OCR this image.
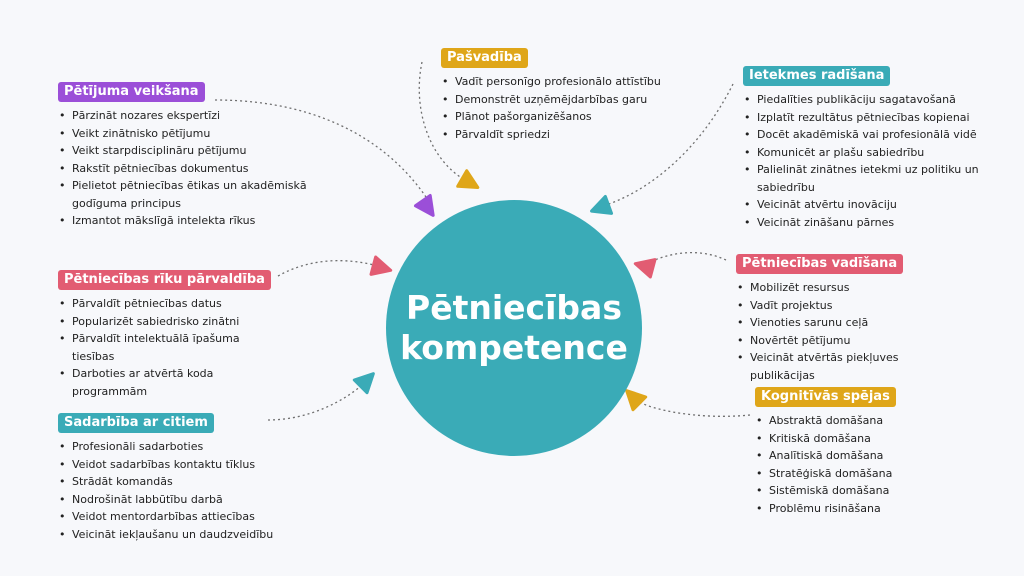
Pētniecības
kompetence
Pētījuma veikšana
• Pārzināt nozares ekspertīzi
• Veikt zinātnisko pētījumu
• Veikt starpdisciplināru pētījumu
• Rakstīt pētniecības dokumentus
• Pielietot pētniecības ētikas un akadēmiskā godīguma principus
• Izmantot mākslīgā intelekta rīkus
Pašvadība
• Vadīt personīgo profesionālo attīstību
• Demonstrēt uzņēmējdarbības garu
• Plānot pašorganizēšanos
• Pārvaldīt spriedzi
Ietekmes radīšana
• Piedalīties publikāciju sagatavošanā
• Izplatīt rezultātus pētniecības kopienai
• Docēt akadēmiskā vai profesionālā vidē
• Komunicēt ar plašu sabiedrību
• Palielināt zinātnes ietekmi uz politiku un sabiedrību
• Veicināt atvērtu inovāciju
• Veicināt zināšanu pārnes
Pētniecības rīku pārvaldība
• Pārvaldīt pētniecības datus
• Popularizēt sabiedrisko zinātni
• Pārvaldīt intelektuālā īpašuma tiesības
• Darboties ar atvērtā koda programmām
Pētniecības vadīšana
• Mobilizēt resursus
• Vadīt projektus
• Vienoties sarunu ceļā
• Novērtēt pētījumu
• Veicināt atvērtās piekļuves publikācijas
Sadarbība ar citiem
• Profesionāli sadarboties
• Veidot sadarbības kontaktu tīklus
• Strādāt komandās
• Nodrošināt labbūtību darbā
• Veidot mentordarbības attiecības
• Veicināt iekļaušanu un daudzveidību
Kognitīvās spējas
• Abstraktā domāšana
• Kritiskā domāšana
• Analītiskā domāšana
• Stratēģiskā domāšana
• Sistēmiskā domāšana
• Problēmu risināšana
